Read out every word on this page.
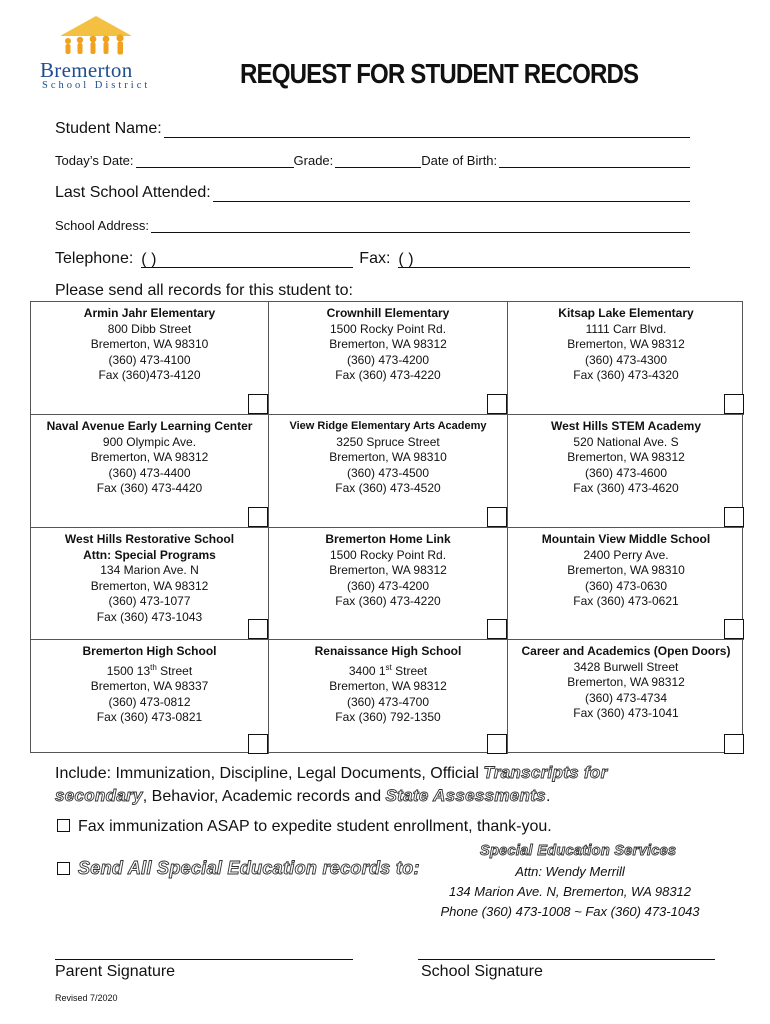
Bremerton
School District	REQUEST FOR STUDENT RECORDS
Student Name:
Today’s Date:	Grade:	Date of Birth:
Last School Attended:
School Address:
Telephone: ( )	Fax: ( )
Please send all records for this student to:
Armin Jahr Elementary
800 Dibb Street
Bremerton, WA 98310
(360) 473-4100
Fax (360)473-4120
Crownhill Elementary
1500 Rocky Point Rd.
Bremerton, WA 98312
(360) 473-4200
Fax (360) 473-4220
Kitsap Lake Elementary
1111 Carr Blvd.
Bremerton, WA 98312
(360) 473-4300
Fax (360) 473-4320
Naval Avenue Early Learning Center
900 Olympic Ave.
Bremerton, WA 98312
(360) 473-4400
Fax (360) 473-4420
View Ridge Elementary Arts Academy
3250 Spruce Street
Bremerton, WA 98310
(360) 473-4500
Fax (360) 473-4520
West Hills STEM Academy
520 National Ave. S
Bremerton, WA 98312
(360) 473-4600
Fax (360) 473-4620
West Hills Restorative School
Attn: Special Programs
134 Marion Ave. N
Bremerton, WA 98312
(360) 473-1077
Fax (360) 473-1043
Bremerton Home Link
1500 Rocky Point Rd.
Bremerton, WA 98312
(360) 473-4200
Fax (360) 473-4220
Mountain View Middle School
2400 Perry Ave.
Bremerton, WA 98310
(360) 473-0630
Fax (360) 473-0621
Bremerton High School
1500 13th Street
Bremerton, WA 98337
(360) 473-0812
Fax (360) 473-0821
Renaissance High School
3400 1st Street
Bremerton, WA 98312
(360) 473-4700
Fax (360) 792-1350
Career and Academics (Open Doors)
3428 Burwell Street
Bremerton, WA 98312
(360) 473-4734
Fax (360) 473-1041
Include: Immunization, Discipline, Legal Documents, Official Transcripts for secondary, Behavior, Academic records and State Assessments.
Fax immunization ASAP to expedite student enrollment, thank-you.
Send All Special Education records to:
Special Education Services
Attn: Wendy Merrill
134 Marion Ave. N, Bremerton, WA 98312
Phone (360) 473-1008 ~ Fax (360) 473-1043
Parent Signature	School Signature
Revised 7/2020
